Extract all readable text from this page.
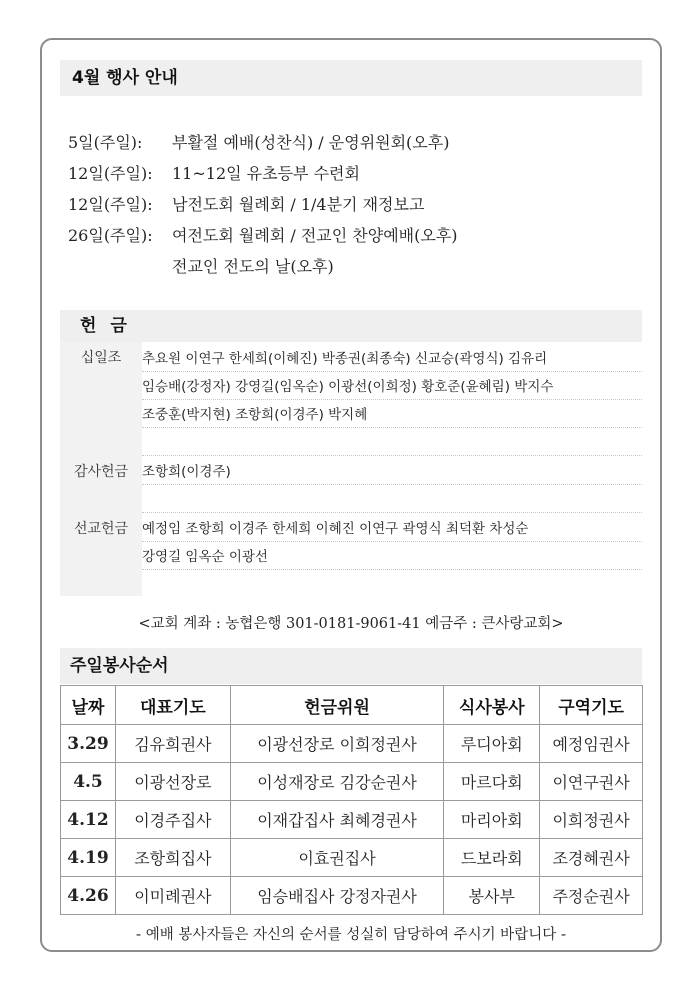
4월 행사 안내
5일(주일): 부활절 예배(성찬식) / 운영위원회(오후)
12일(주일): 11~12일 유초등부 수련회
12일(주일): 남전도회 월례회 / 1/4분기 재정보고
26일(주일): 여전도회 월례회 / 전교인 찬양예배(오후)
전교인 전도의 날(오후)
헌 금
십일조	추요원 이연구 한세희(이혜진) 박종권(최종숙) 신교승(곽영식) 김유리
임승배(강정자) 강영길(임옥순) 이광선(이희정) 황호준(윤혜림) 박지수
조중훈(박지현) 조항희(이경주) 박지혜
감사헌금	조항희(이경주)
선교헌금	예정임 조항희 이경주 한세희 이혜진 이연구 곽영식 최덕환 차성순
강영길 임옥순 이광선
<교회 계좌 : 농협은행 301-0181-9061-41 예금주 : 큰사랑교회>
주일봉사순서
날짜	대표기도	헌금위원	식사봉사	구역기도
3.29	김유희권사	이광선장로 이희정권사	루디아회	예정임권사
4.5	이광선장로	이성재장로 김강순권사	마르다회	이연구권사
4.12	이경주집사	이재갑집사 최혜경권사	마리아회	이희정권사
4.19	조항희집사	이효권집사	드보라회	조경혜권사
4.26	이미례권사	임승배집사 강정자권사	봉사부	주정순권사
- 예배 봉사자들은 자신의 순서를 성실히 담당하여 주시기 바랍니다 -
